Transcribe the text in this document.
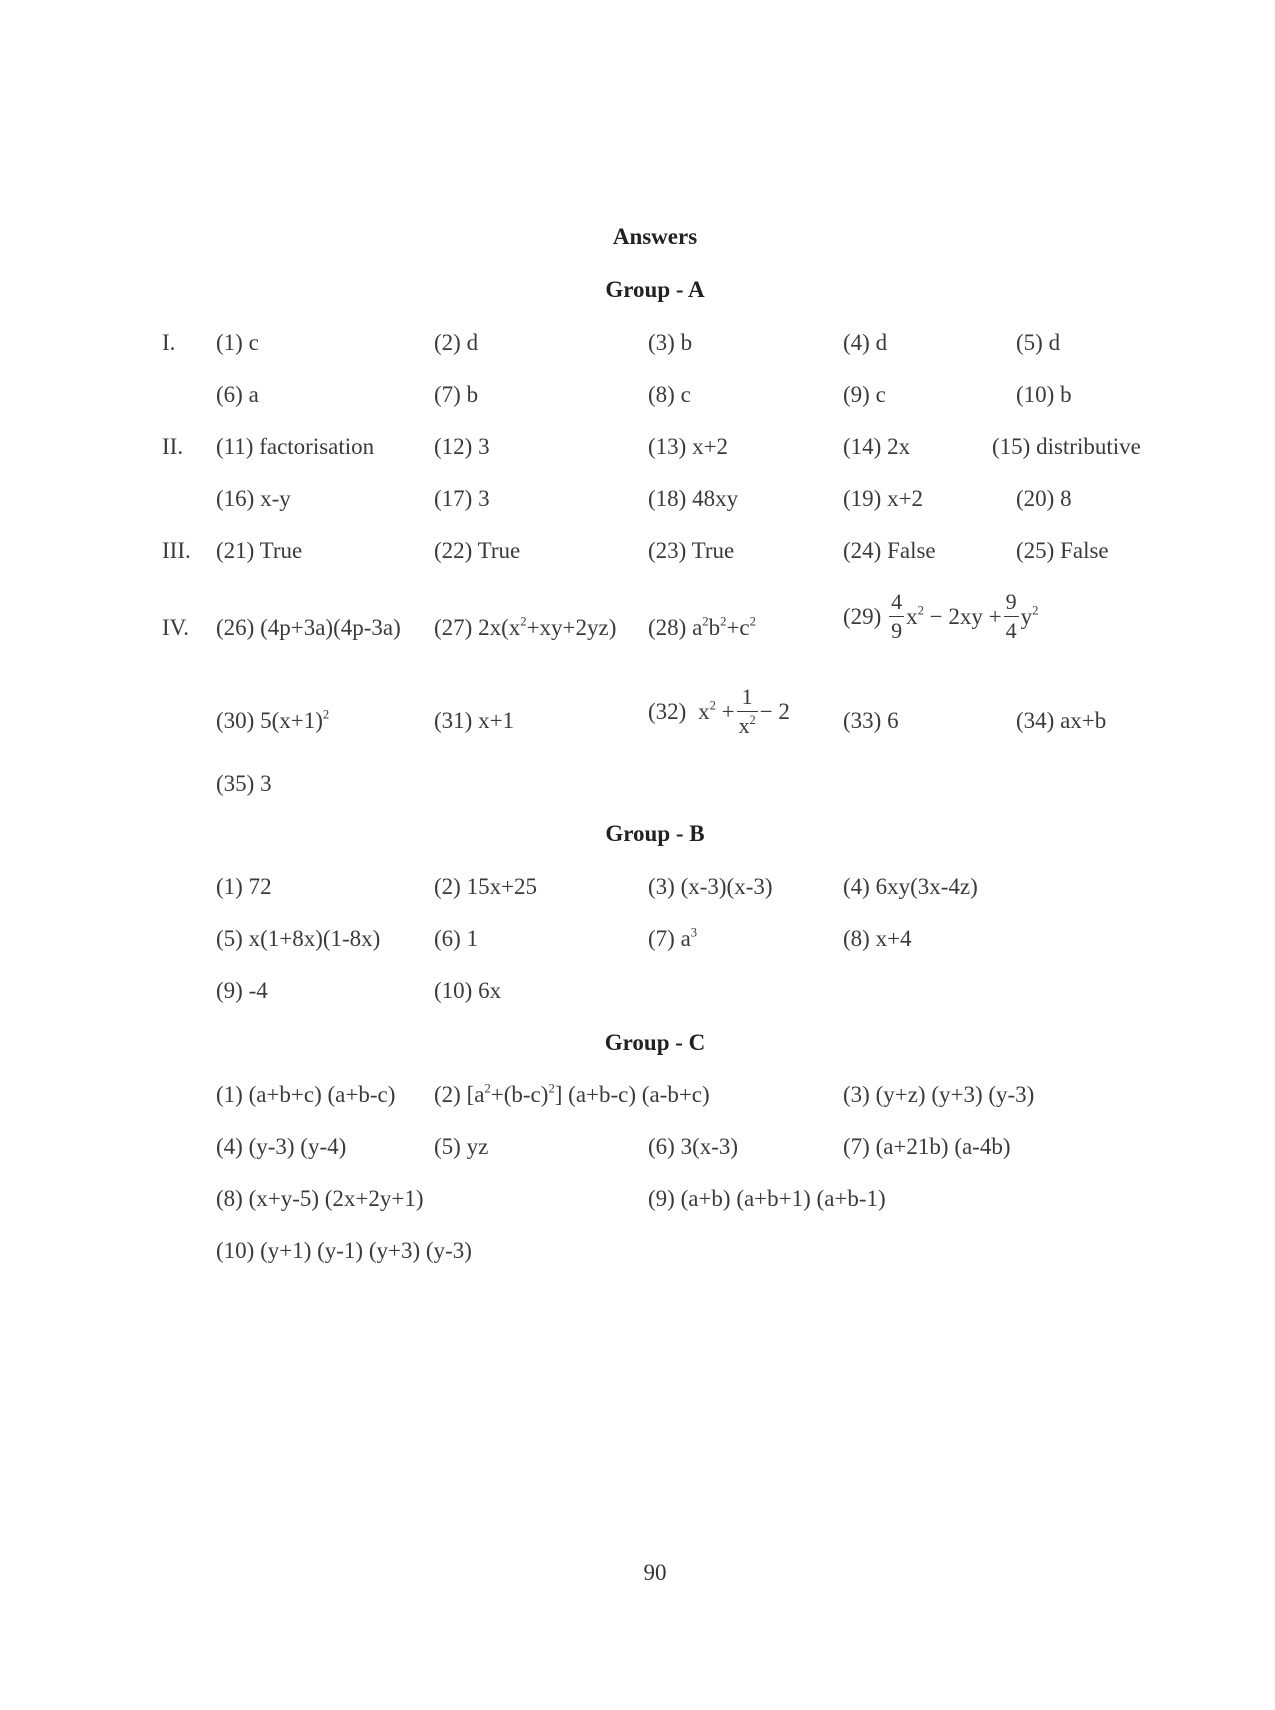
Answers
Group - A
I. (1) c	(2) d	(3) b	(4) d	(5) d
(6) a	(7) b	(8) c	(9) c	(10) b
II. (11) factorisation	(12) 3	(13) x+2	(14) 2x	(15) distributive
(16) x-y	(17) 3	(18) 48xy	(19) x+2	(20) 8
III. (21) True	(22) True	(23) True	(24) False	(25) False
IV. (26) (4p+3a)(4p-3a) (27) $2x(x^2+xy+2yz)$ (28) $a^2b^2+c^2$	$(29) \frac{4}{9} x^2 - 2xy + \frac{9}{4} y^2$
(30) $5(x+1)^2$	(31) x+1	(32) $x^2 + \frac{1}{x^2} - 2$ (33) 6	(34) ax+b
(35) 3
Group - B
(1) 72	(2) 15x+25	(3) (x-3)(x-3)	(4) 6xy(3x-4z)
(5) x(1+8x)(1-8x) (6) 1	(7) $a^3$	(8) x+4
(9) -4	(10) 6x
Group - C
(1) (a+b+c) (a+b-c) (2) $[a^2+(b-c)^2]$ (a+b-c) (a-b+c)	(3) (y+z) (y+3) (y-3)
(4) (y-3) (y-4)	(5) yz	(6) 3(x-3)	(7) (a+21b) (a-4b)
(8) (x+y-5) (2x+2y+1)	(9) (a+b) (a+b+1) (a+b-1)
(10) (y+1) (y-1) (y+3) (y-3)
90
